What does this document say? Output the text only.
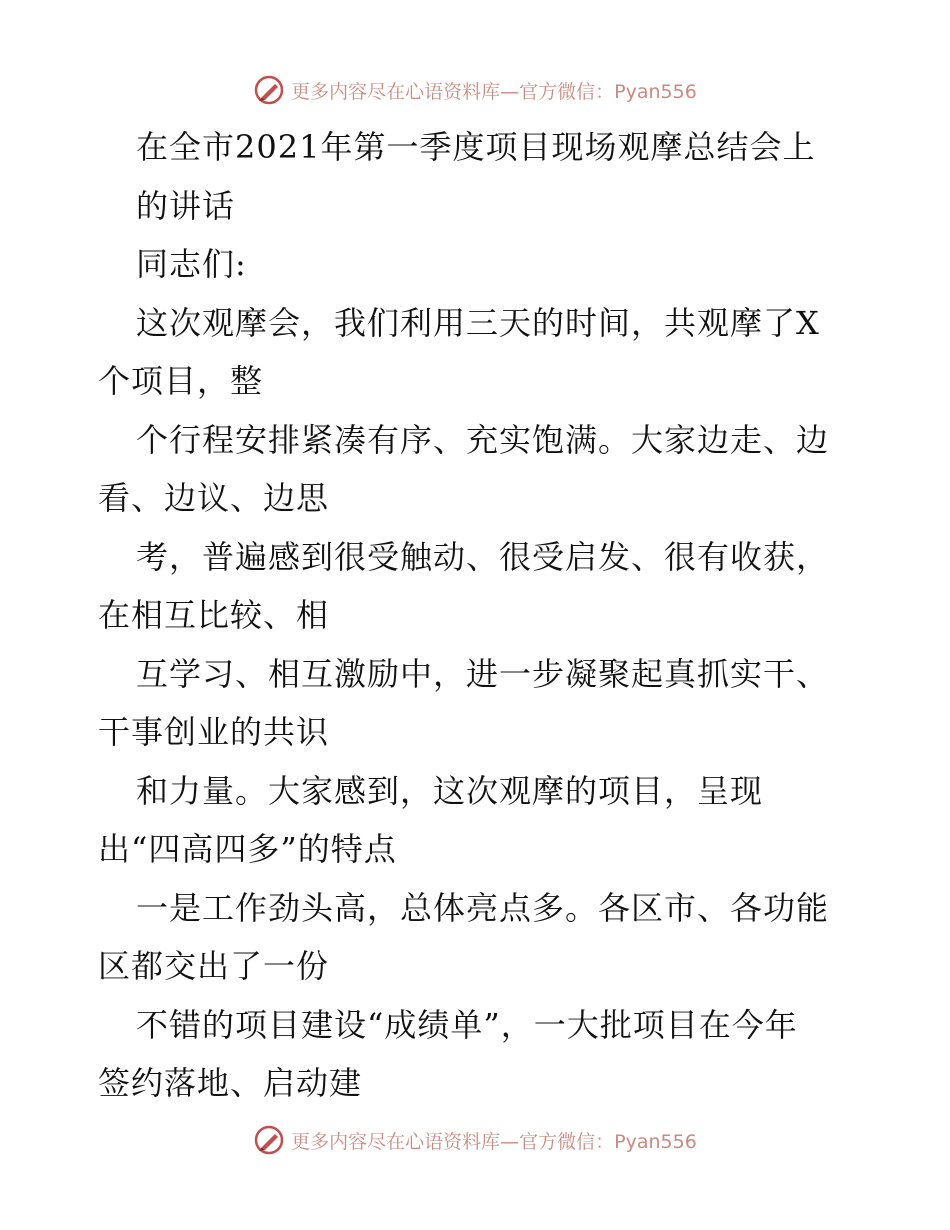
更多内容尽在心语资料库—官方微信：Pyan556
在全市2021年第一季度项目现场观摩总结会上
的讲话
同志们:
这次观摩会，我们利用三天的时间，共观摩了X
个项目，整
个行程安排紧凑有序、充实饱满。大家边走、边
看、边议、边思
考，普遍感到很受触动、很受启发、很有收获，
在相互比较、相
互学习、相互激励中，进一步凝聚起真抓实干、
干事创业的共识
和力量。大家感到，这次观摩的项目，呈现
出“四高四多”的特点
一是工作劲头高，总体亮点多。各区市、各功能
区都交出了一份
不错的项目建设“成绩单”，一大批项目在今年
签约落地、启动建
更多内容尽在心语资料库—官方微信：Pyan556
